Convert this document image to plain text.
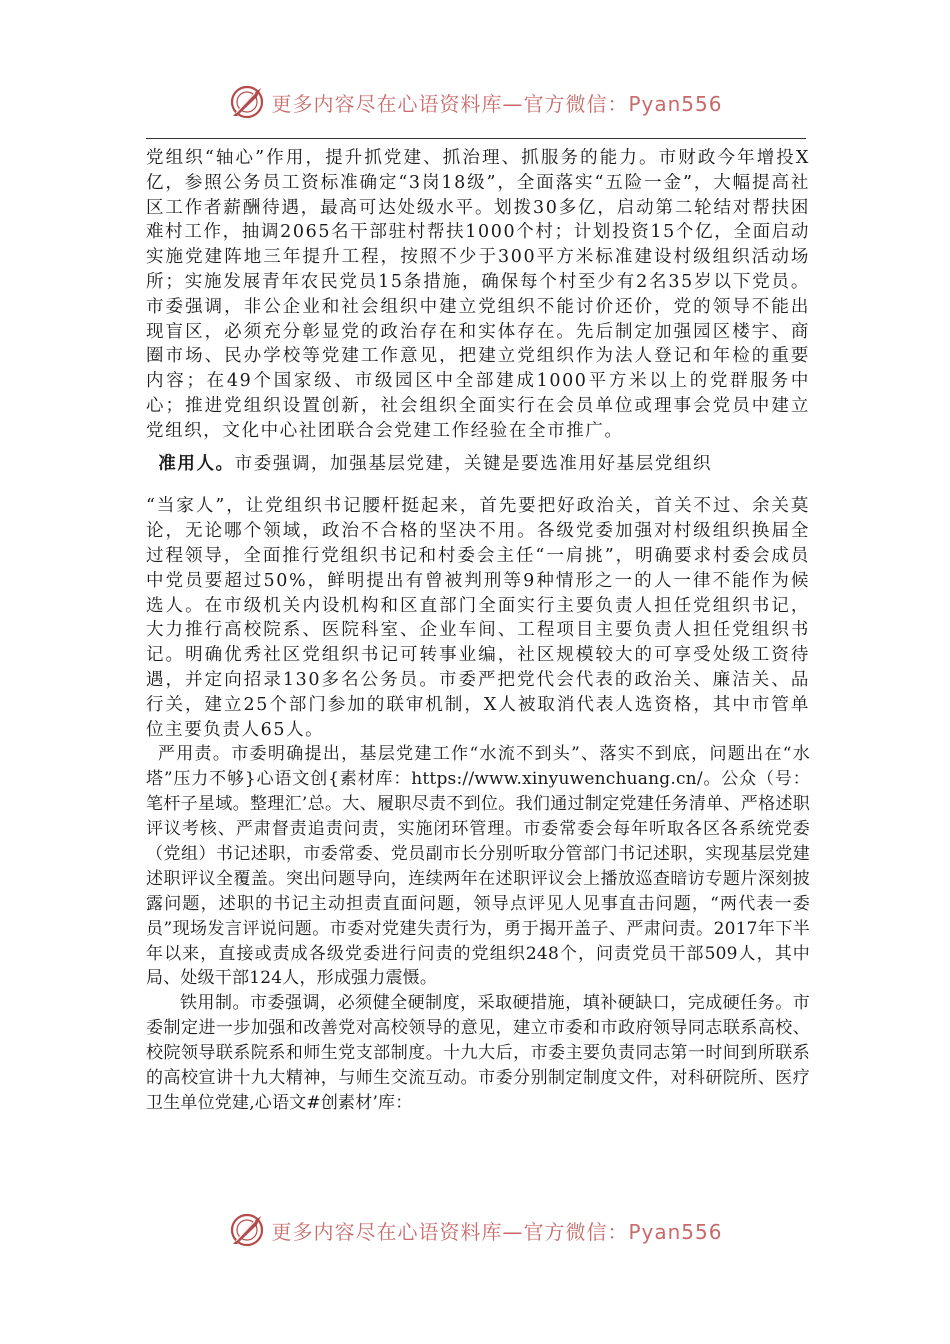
更多内容尽在心语资料库—官方微信：Pyan556

党组织“轴心”作用，提升抓党建、抓治理、抓服务的能力。市财政今年增投X亿，参照公务员工资标准确定“3岗18级”，全面落实“五险一金”，大幅提高社区工作者薪酬待遇，最高可达处级水平。划拨30多亿，启动第二轮结对帮扶困难村工作，抽调2065名干部驻村帮扶1000个村；计划投资15个亿，全面启动实施党建阵地三年提升工程，按照不少于300平方米标准建设村级组织活动场所；实施发展青年农民党员15条措施，确保每个村至少有2名35岁以下党员。市委强调，非公企业和社会组织中建立党组织不能讨价还价，党的领导不能出现盲区，必须充分彰显党的政治存在和实体存在。先后制定加强园区楼宇、商圈市场、民办学校等党建工作意见，把建立党组织作为法人登记和年检的重要内容；在49个国家级、市级园区中全部建成1000平方米以上的党群服务中心；推进党组织设置创新，社会组织全面实行在会员单位或理事会党员中建立党组织，文化中心社团联合会党建工作经验在全市推广。

准用人。市委强调，加强基层党建，关键是要选准用好基层党组织

“当家人”，让党组织书记腰杆挺起来，首先要把好政治关，首关不过、余关莫论，无论哪个领域，政治不合格的坚决不用。各级党委加强对村级组织换届全过程领导，全面推行党组织书记和村委会主任“一肩挑”，明确要求村委会成员中党员要超过50%，鲜明提出有曾被判刑等9种情形之一的人一律不能作为候选人。在市级机关内设机构和区直部门全面实行主要负责人担任党组织书记，大力推行高校院系、医院科室、企业车间、工程项目主要负责人担任党组织书记。明确优秀社区党组织书记可转事业编，社区规模较大的可享受处级工资待遇，并定向招录130多名公务员。市委严把党代会代表的政治关、廉洁关、品行关，建立25个部门参加的联审机制，X人被取消代表人选资格，其中市管单位主要负责人65人。

严用责。市委明确提出，基层党建工作“水流不到头”、落实不到底，问题出在“水塔”压力不够}心语文创{素材库：https://www.xinyuwenchuang.cn/。公众（号：笔杆子星域。整理汇’总。大、履职尽责不到位。我们通过制定党建任务清单、严格述职评议考核、严肃督责追责问责，实施闭环管理。市委常委会每年听取各区各系统党委（党组）书记述职，市委常委、党员副市长分别听取分管部门书记述职，实现基层党建述职评议全覆盖。突出问题导向，连续两年在述职评议会上播放巡查暗访专题片深刻披露问题，述职的书记主动担责直面问题，领导点评见人见事直击问题，“两代表一委员”现场发言评说问题。市委对党建失责行为，勇于揭开盖子、严肃问责。2017年下半年以来，直接或责成各级党委进行问责的党组织248个，问责党员干部509人，其中局、处级干部124人，形成强力震慑。

铁用制。市委强调，必须健全硬制度，采取硬措施，填补硬缺口，完成硬任务。市委制定进一步加强和改善党对高校领导的意见，建立市委和市政府领导同志联系高校、校院领导联系院系和师生党支部制度。十九大后，市委主要负责同志第一时间到所联系的高校宣讲十九大精神，与师生交流互动。市委分别制定制度文件，对科研院所、医疗卫生单位党建,心语文#创素材’库：

更多内容尽在心语资料库—官方微信：Pyan556
